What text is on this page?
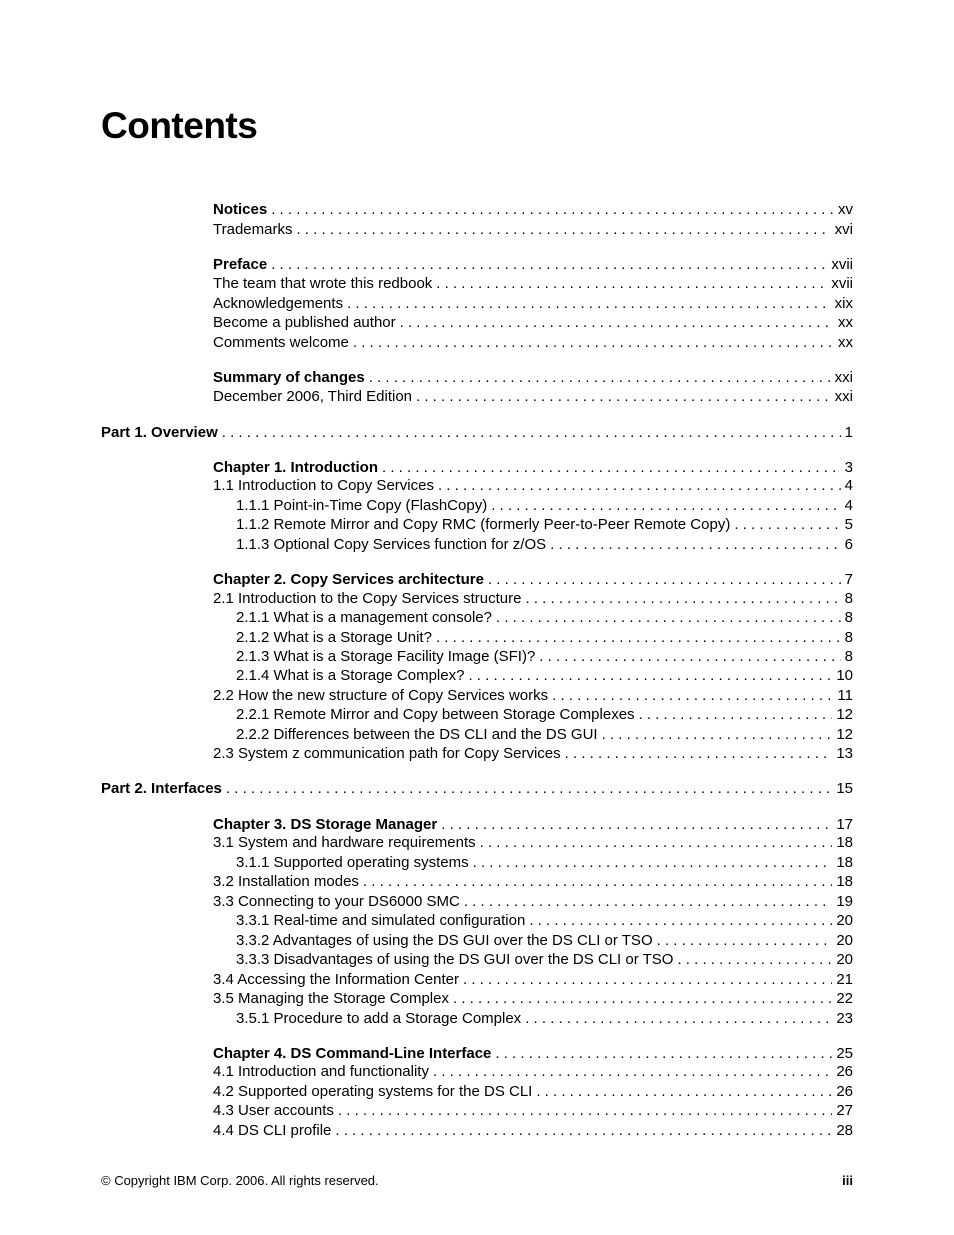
Contents
Notices . . .	xv
Trademarks . . .	xvi
Preface . . .	xvii
The team that wrote this redbook . . .	xvii
Acknowledgements . . .	xix
Become a published author . . .	xx
Comments welcome . . .	xx
Summary of changes . . .	xxi
December 2006, Third Edition . . .	xxi
Part 1. Overview . . .	1
Chapter 1. Introduction . . .	3
1.1 Introduction to Copy Services . . .	4
1.1.1 Point-in-Time Copy (FlashCopy) . . .	4
1.1.2 Remote Mirror and Copy RMC (formerly Peer-to-Peer Remote Copy) . . .	5
1.1.3 Optional Copy Services function for z/OS . . .	6
Chapter 2. Copy Services architecture . . .	7
2.1 Introduction to the Copy Services structure . . .	8
2.1.1 What is a management console? . . .	8
2.1.2 What is a Storage Unit? . . .	8
2.1.3 What is a Storage Facility Image (SFI)? . . .	8
2.1.4 What is a Storage Complex? . . .	10
2.2 How the new structure of Copy Services works . . .	11
2.2.1 Remote Mirror and Copy between Storage Complexes . . .	12
2.2.2 Differences between the DS CLI and the DS GUI . . .	12
2.3 System z communication path for Copy Services . . .	13
Part 2. Interfaces . . .	15
Chapter 3. DS Storage Manager . . .	17
3.1 System and hardware requirements . . .	18
3.1.1 Supported operating systems . . .	18
3.2 Installation modes . . .	18
3.3 Connecting to your DS6000 SMC . . .	19
3.3.1 Real-time and simulated configuration . . .	20
3.3.2 Advantages of using the DS GUI over the DS CLI or TSO . . .	20
3.3.3 Disadvantages of using the DS GUI over the DS CLI or TSO . . .	20
3.4 Accessing the Information Center . . .	21
3.5 Managing the Storage Complex . . .	22
3.5.1 Procedure to add a Storage Complex . . .	23
Chapter 4. DS Command-Line Interface . . .	25
4.1 Introduction and functionality . . .	26
4.2 Supported operating systems for the DS CLI . . .	26
4.3 User accounts . . .	27
4.4 DS CLI profile . . .	28
© Copyright IBM Corp. 2006. All rights reserved.	iii
